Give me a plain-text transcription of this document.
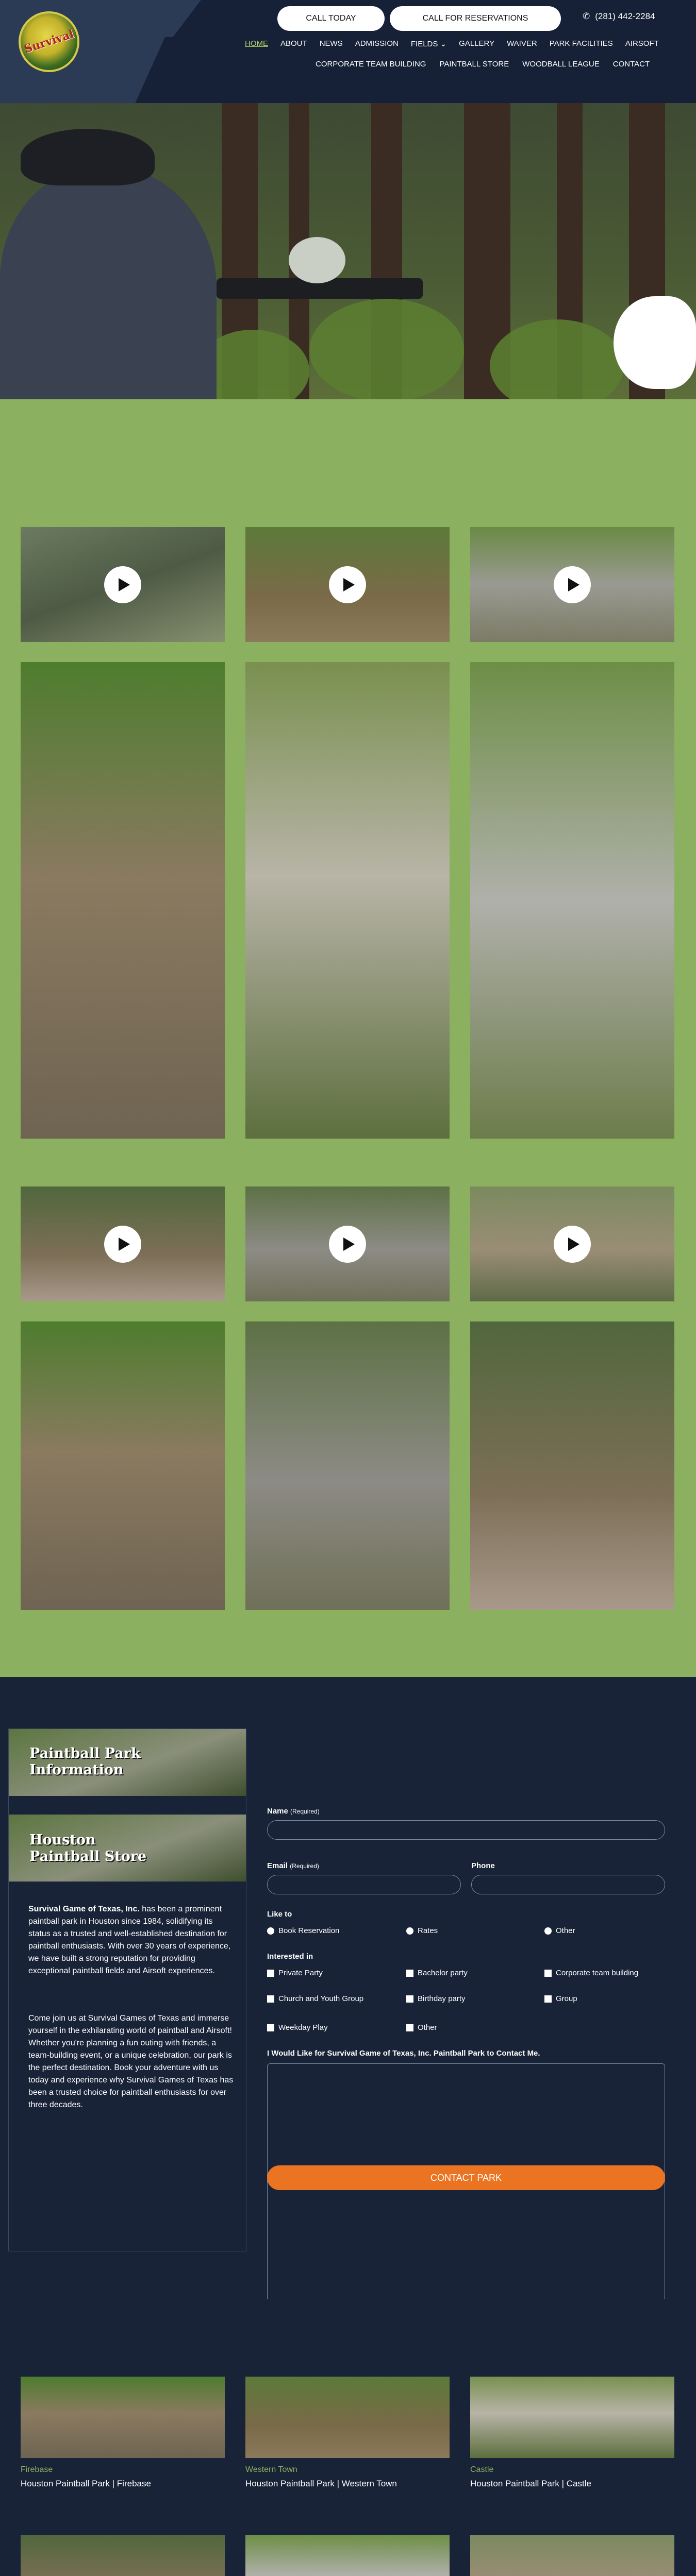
CALL TODAY	CALL FOR RESERVATIONS	✆ (281) 442-2284
Survival	HOME ABOUT NEWS ADMISSION FIELDS ⌄ GALLERY WAIVER PARK FACILITIES AIRSOFT
CORPORATE TEAM BUILDING PAINTBALL STORE WOODBALL LEAGUE CONTACT
Paintball Park Information
Houston Paintball Store

Survival Game of Texas, Inc. has been a prominent paintball park in Houston since 1984, solidifying its status as a trusted and well-established destination for paintball enthusiasts. With over 30 years of experience, we have built a strong reputation for providing exceptional paintball fields and Airsoft experiences.

Come join us at Survival Games of Texas and immerse yourself in the exhilarating world of paintball and Airsoft! Whether you're planning a fun outing with friends, a team-building event, or a unique celebration, our park is the perfect destination. Book your adventure with us today and experience why Survival Games of Texas has been a trusted choice for paintball enthusiasts for over three decades.

Name (Required)
Email (Required)	Phone
Like to
Book Reservation	Rates	Other
Interested in
Private Party	Bachelor party	Corporate team building
Church and Youth Group	Birthday party	Group
Weekday Play	Other
I Would Like for Survival Game of Texas, Inc. Paintball Park to Contact Me.
CONTACT PARK
Firebase
Houston Paintball Park | Firebase
Western Town
Houston Paintball Park | Western Town
Castle
Houston Paintball Park | Castle
